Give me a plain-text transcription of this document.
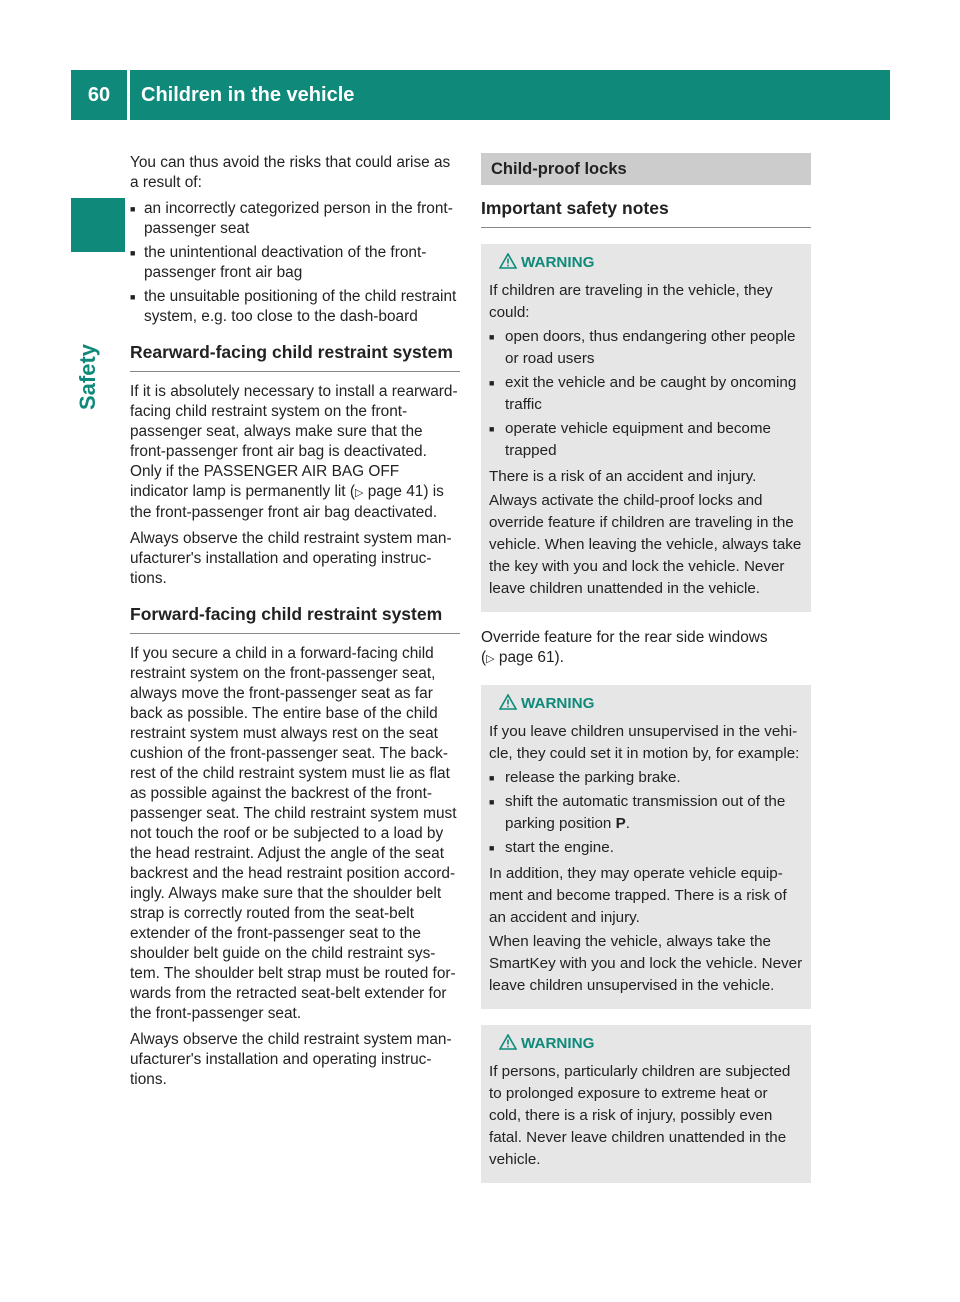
60	Children in the vehicle
Safety

You can thus avoid the risks that could arise as a result of:

■ an incorrectly categorized person in the front-passenger seat
■ the unintentional deactivation of the front-passenger front air bag
■ the unsuitable positioning of the child restraint system, e.g. too close to the dash-board
Rearward-facing child restraint system

If it is absolutely necessary to install a rearward-facing child restraint system on the front-passenger seat, always make sure that the front-passenger front air bag is deactivated. Only if the PASSENGER AIR BAG OFF indicator lamp is permanently lit (▷ page 41) is the front-passenger front air bag deactivated.

Always observe the child restraint system man-ufacturer's installation and operating instruc-tions.

Forward-facing child restraint system

If you secure a child in a forward-facing child restraint system on the front-passenger seat, always move the front-passenger seat as far back as possible. The entire base of the child restraint system must always rest on the seat cushion of the front-passenger seat. The back-rest of the child restraint system must lie as flat as possible against the backrest of the front-passenger seat. The child restraint system must not touch the roof or be subjected to a load by the head restraint. Adjust the angle of the seat backrest and the head restraint position accord-ingly. Always make sure that the shoulder belt strap is correctly routed from the seat-belt extender of the front-passenger seat to the shoulder belt guide on the child restraint sys-tem. The shoulder belt strap must be routed for-wards from the retracted seat-belt extender for the front-passenger seat.

Always observe the child restraint system man-ufacturer's installation and operating instruc-tions.

Child-proof locks
Important safety notes
WARNING

If children are traveling in the vehicle, they could:

■ open doors, thus endangering other people or road users
■ exit the vehicle and be caught by oncoming traffic
■ operate vehicle equipment and become trapped

There is a risk of an accident and injury.

Always activate the child-proof locks and override feature if children are traveling in the vehicle. When leaving the vehicle, always take the key with you and lock the vehicle. Never leave children unattended in the vehicle.

Override feature for the rear side windows (▷ page 61).

WARNING

If you leave children unsupervised in the vehi-cle, they could set it in motion by, for example:

■ release the parking brake.
■ shift the automatic transmission out of the parking position P.
■ start the engine.

In addition, they may operate vehicle equip-ment and become trapped. There is a risk of an accident and injury.

When leaving the vehicle, always take the SmartKey with you and lock the vehicle. Never leave children unsupervised in the vehicle.

WARNING

If persons, particularly children are subjected to prolonged exposure to extreme heat or cold, there is a risk of injury, possibly even fatal. Never leave children unattended in the vehicle.
